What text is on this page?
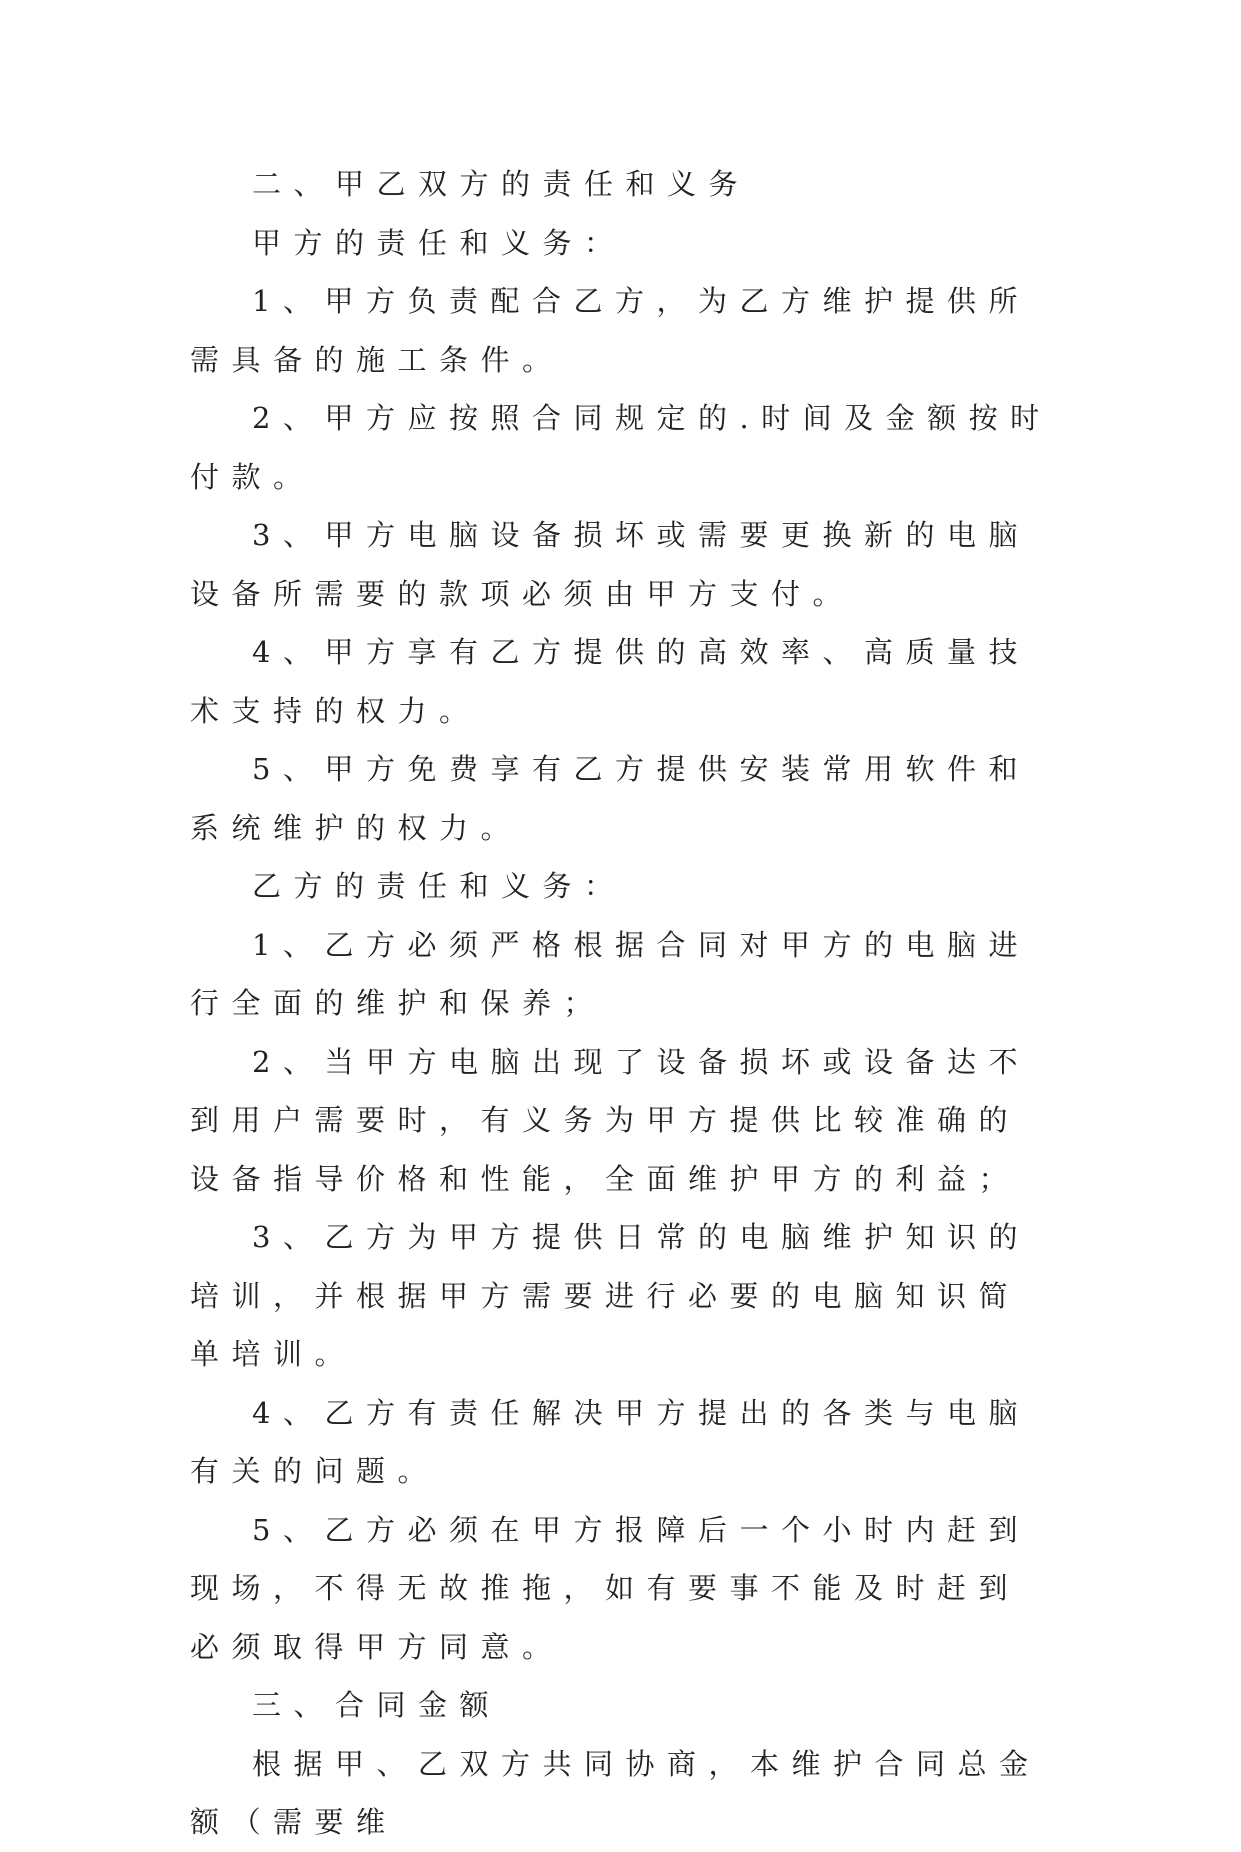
二、甲乙双方的责任和义务

甲方的责任和义务：

1、甲方负责配合乙方，为乙方维护提供所需具备的施工条件。

2、甲方应按照合同规定的.时间及金额按时付款。

3、甲方电脑设备损坏或需要更换新的电脑设备所需要的款项必须由甲方支付。

4、甲方享有乙方提供的高效率、高质量技术支持的权力。

5、甲方免费享有乙方提供安装常用软件和系统维护的权力。

乙方的责任和义务：

1、乙方必须严格根据合同对甲方的电脑进行全面的维护和保养；

2、当甲方电脑出现了设备损坏或设备达不到用户需要时，有义务为甲方提供比较准确的设备指导价格和性能，全面维护甲方的利益；

3、乙方为甲方提供日常的电脑维护知识的培训，并根据甲方需要进行必要的电脑知识简单培训。

4、乙方有责任解决甲方提出的各类与电脑有关的问题。

5、乙方必须在甲方报障后一个小时内赶到现场，不得无故推拖，如有要事不能及时赶到必须取得甲方同意。

三、合同金额

根据甲、乙双方共同协商，本维护合同总金额（需要维
